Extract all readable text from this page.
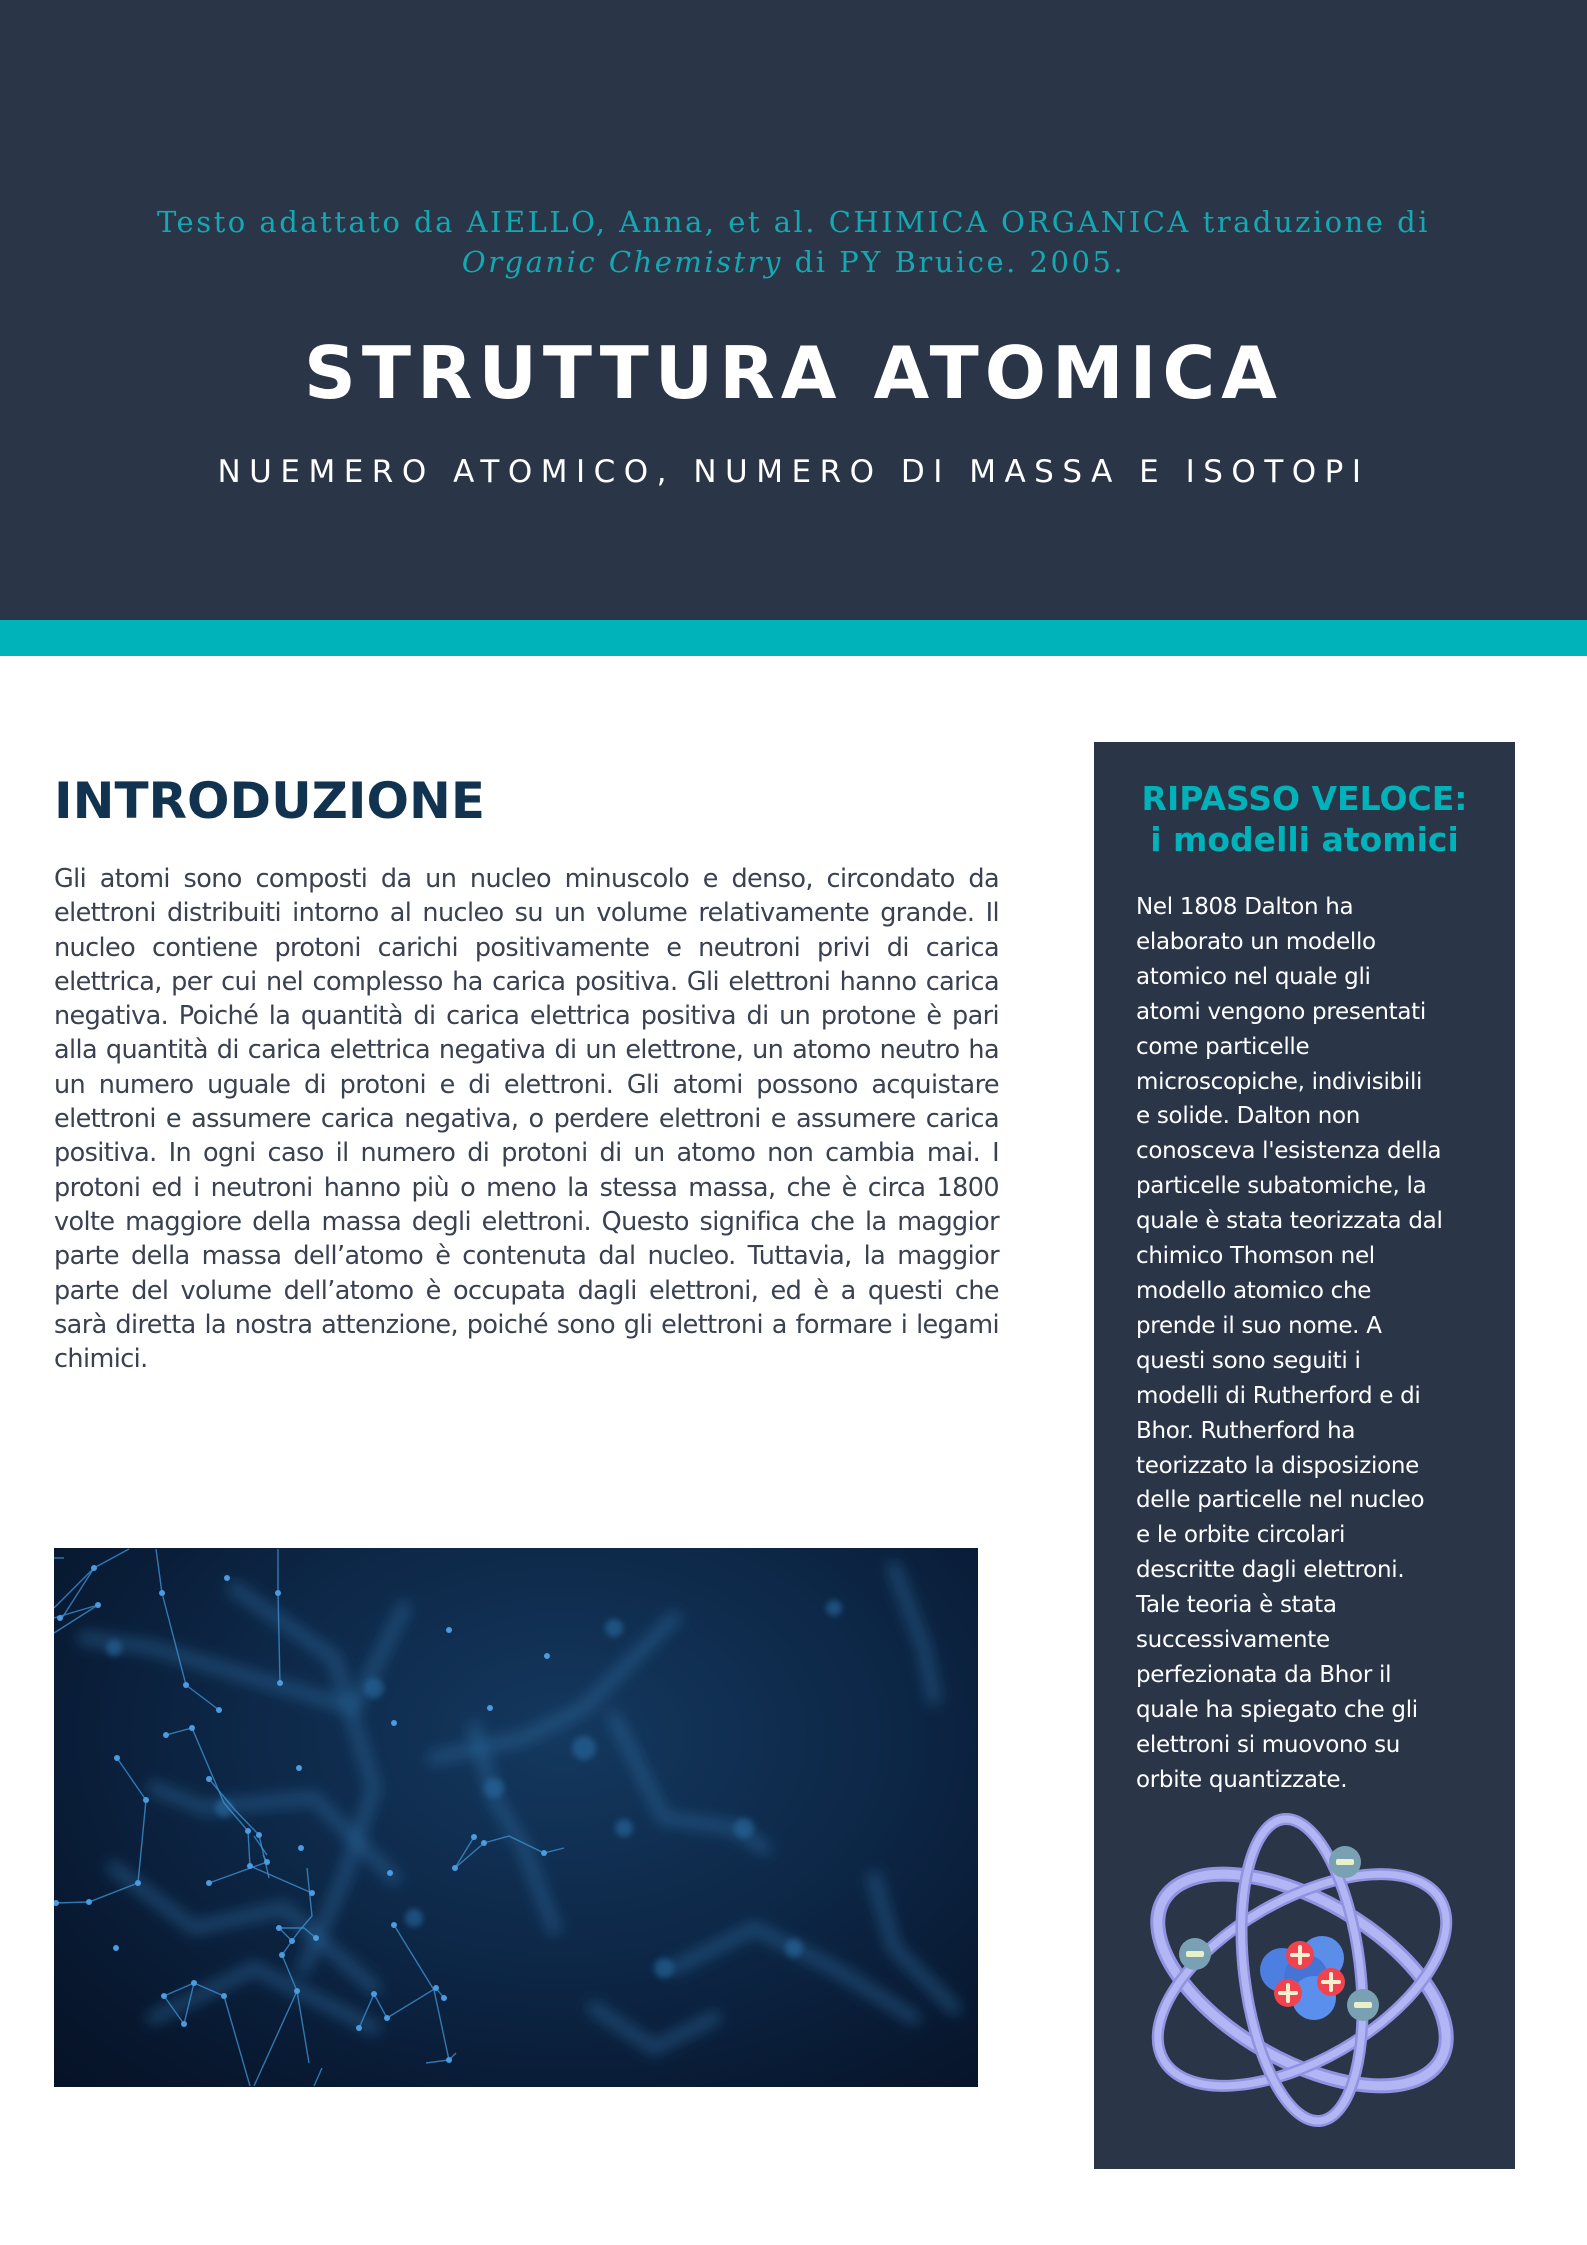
Testo adattato da AIELLO, Anna, et al. CHIMICA ORGANICA traduzione di
Organic Chemistry di PY Bruice. 2005.
STRUTTURA ATOMICA
NUEMERO ATOMICO, NUMERO DI MASSA E ISOTOPI
INTRODUZIONE

Gli atomi sono composti da un nucleo minuscolo e denso, circondato da elettroni distribuiti intorno al nucleo su un volume relativamente grande. Il nucleo contiene protoni carichi positivamente e neutroni privi di carica elettrica, per cui nel complesso ha carica positiva. Gli elettroni hanno carica negativa. Poiché la quantità di carica elettrica positiva di un protone è pari alla quantità di carica elettrica negativa di un elettrone, un atomo neutro ha un numero uguale di protoni e di elettroni. Gli atomi possono acquistare elettroni e assumere carica negativa, o perdere elettroni e assumere carica positiva. In ogni caso il numero di protoni di un atomo non cambia mai. I protoni ed i neutroni hanno più o meno la stessa massa, che è circa 1800 volte maggiore della massa degli elettroni. Questo significa che la maggior parte della massa dell’atomo è contenuta dal nucleo. Tuttavia, la maggior parte del volume dell’atomo è occupata dagli elettroni, ed è a questi che sarà diretta la nostra attenzione, poiché sono gli elettroni a formare i legami chimici.

RIPASSO VELOCE:
i modelli atomici
Nel 1808 Dalton ha
elaborato un modello
atomico nel quale gli
atomi vengono presentati
come particelle
microscopiche, indivisibili
e solide. Dalton non
conosceva l'esistenza della
particelle subatomiche, la
quale è stata teorizzata dal
chimico Thomson nel
modello atomico che
prende il suo nome. A
questi sono seguiti i
modelli di Rutherford e di
Bhor. Rutherford ha
teorizzato la disposizione
delle particelle nel nucleo
e le orbite circolari
descritte dagli elettroni.
Tale teoria è stata
successivamente
perfezionata da Bhor il
quale ha spiegato che gli
elettroni si muovono su
orbite quantizzate.
